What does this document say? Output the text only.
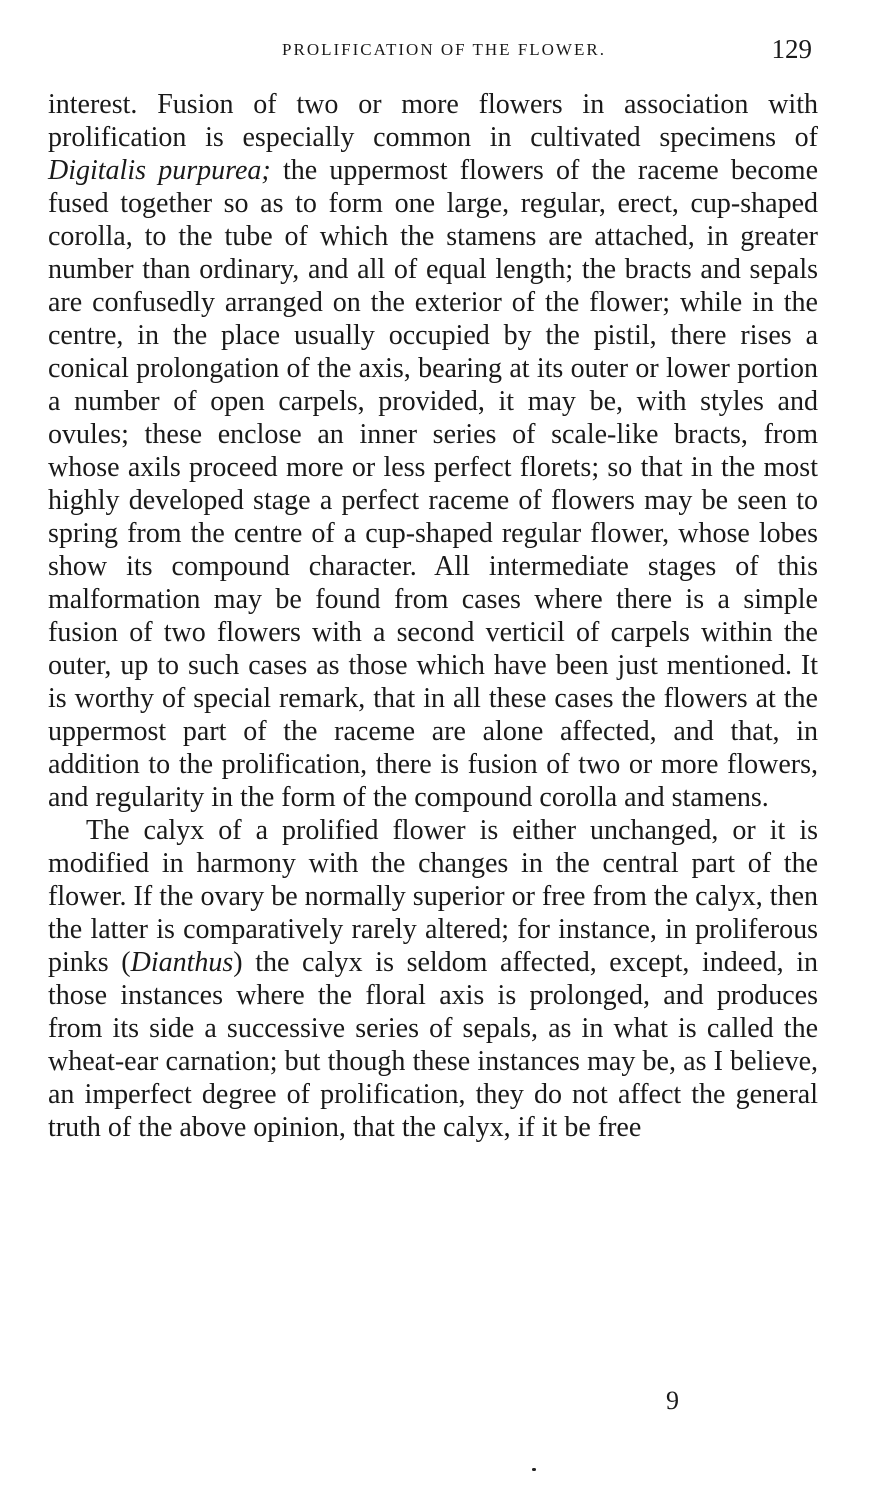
PROLIFICATION OF THE FLOWER.	129

interest. Fusion of two or more flowers in association with prolification is especially common in cultivated specimens of Digitalis purpurea; the uppermost flowers of the raceme become fused together so as to form one large, regular, erect, cup-shaped corolla, to the tube of which the stamens are attached, in greater number than ordinary, and all of equal length; the bracts and sepals are confusedly arranged on the exterior of the flower; while in the centre, in the place usually occupied by the pistil, there rises a conical prolongation of the axis, bearing at its outer or lower portion a number of open carpels, provided, it may be, with styles and ovules; these enclose an inner series of scale-like bracts, from whose axils proceed more or less perfect florets; so that in the most highly developed stage a perfect raceme of flowers may be seen to spring from the centre of a cup-shaped regular flower, whose lobes show its compound character. All intermediate stages of this malformation may be found from cases where there is a simple fusion of two flowers with a second verticil of carpels within the outer, up to such cases as those which have been just mentioned. It is worthy of special remark, that in all these cases the flowers at the uppermost part of the raceme are alone affected, and that, in addition to the prolification, there is fusion of two or more flowers, and regularity in the form of the compound corolla and stamens.

The calyx of a prolified flower is either unchanged, or it is modified in harmony with the changes in the central part of the flower. If the ovary be normally superior or free from the calyx, then the latter is comparatively rarely altered; for instance, in proliferous pinks (Dianthus) the calyx is seldom affected, except, indeed, in those instances where the floral axis is prolonged, and produces from its side a successive series of sepals, as in what is called the wheat-ear carnation; but though these instances may be, as I believe, an imperfect degree of prolification, they do not affect the general truth of the above opinion, that the calyx, if it be free

9
